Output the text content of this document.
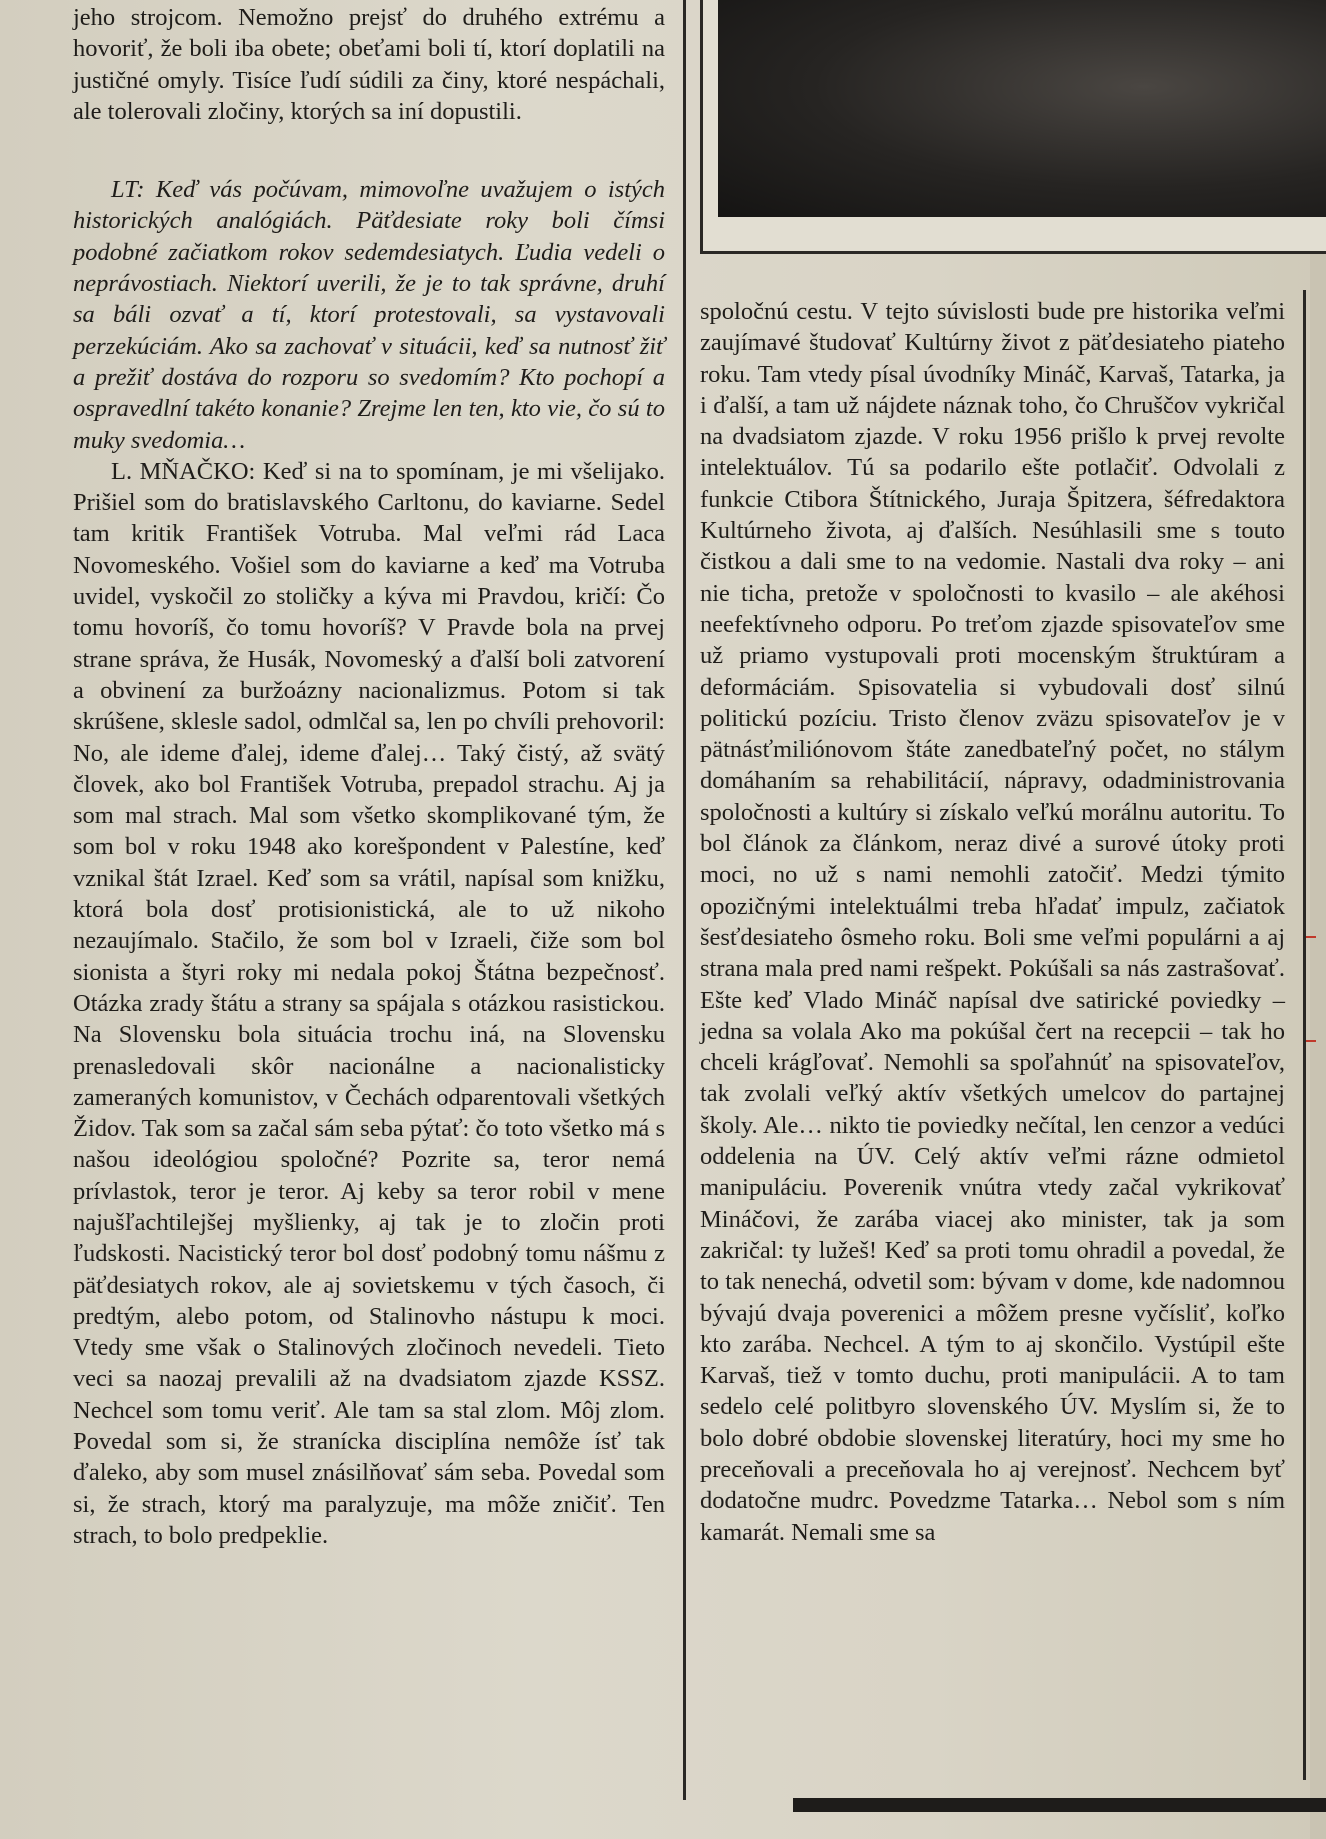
jeho strojcom. Nemožno prejsť do druhého extrému a hovoriť, že boli iba obete; obeťami boli tí, ktorí doplatili na justičné omyly. Tisíce ľudí súdili za činy, ktoré nespáchali, ale tolerovali zločiny, ktorých sa iní dopustili.

LT: Keď vás počúvam, mimovoľne uvažujem o istých historických analógiách. Päťdesiate roky boli čímsi podobné začiatkom rokov sedemdesiatych. Ľudia vedeli o neprávostiach. Niektorí uverili, že je to tak správne, druhí sa báli ozvať a tí, ktorí protestovali, sa vystavovali perzekúciám. Ako sa zachovať v situácii, keď sa nutnosť žiť a prežiť dostáva do rozporu so svedomím? Kto pochopí a ospravedlní takéto konanie? Zrejme len ten, kto vie, čo sú to muky svedomia…

L. MŇAČKO: Keď si na to spomínam, je mi všelijako. Prišiel som do bratislavského Carltonu, do kaviarne. Sedel tam kritik František Votruba. Mal veľmi rád Laca Novomeského. Vošiel som do kaviarne a keď ma Votruba uvidel, vyskočil zo stoličky a kýva mi Pravdou, kričí: Čo tomu hovoríš, čo tomu hovoríš? V Pravde bola na prvej strane správa, že Husák, Novomeský a ďalší boli zatvorení a obvinení za buržoázny nacionalizmus. Potom si tak skrúšene, sklesle sadol, odmlčal sa, len po chvíli prehovoril: No, ale ideme ďalej, ideme ďalej… Taký čistý, až svätý človek, ako bol František Votruba, prepadol strachu. Aj ja som mal strach. Mal som všetko skomplikované tým, že som bol v roku 1948 ako korešpondent v Palestíne, keď vznikal štát Izrael. Keď som sa vrátil, napísal som knižku, ktorá bola dosť protisionistická, ale to už nikoho nezaujímalo. Stačilo, že som bol v Izraeli, čiže som bol sionista a štyri roky mi nedala pokoj Štátna bezpečnosť. Otázka zrady štátu a strany sa spájala s otázkou rasistickou. Na Slovensku bola situácia trochu iná, na Slovensku prenasledovali skôr nacionálne a nacionalisticky zameraných komunistov, v Čechách odparentovali všetkých Židov. Tak som sa začal sám seba pýtať: čo toto všetko má s našou ideológiou spoločné? Pozrite sa, teror nemá prívlastok, teror je teror. Aj keby sa teror robil v mene najušľachtilejšej myšlienky, aj tak je to zločin proti ľudskosti. Nacistický teror bol dosť podobný tomu nášmu z päťdesiatych rokov, ale aj sovietskemu v tých časoch, či predtým, alebo potom, od Stalinovho nástupu k moci. Vtedy sme však o Stalinových zločinoch nevedeli. Tieto veci sa naozaj prevalili až na dvadsiatom zjazde KSSZ. Nechcel som tomu veriť. Ale tam sa stal zlom. Môj zlom. Povedal som si, že stranícka disciplína nemôže ísť tak ďaleko, aby som musel znásilňovať sám seba. Povedal som si, že strach, ktorý ma paralyzuje, ma môže zničiť. Ten strach, to bolo predpeklie.

spoločnú cestu. V tejto súvislosti bude pre historika veľmi zaujímavé študovať Kultúrny život z päťdesiateho piateho roku. Tam vtedy písal úvodníky Mináč, Karvaš, Tatarka, ja i ďalší, a tam už nájdete náznak toho, čo Chruščov vykričal na dvadsiatom zjazde. V roku 1956 prišlo k prvej revolte intelektuálov. Tú sa podarilo ešte potlačiť. Odvolali z funkcie Ctibora Štítnického, Juraja Špitzera, šéfredaktora Kultúrneho života, aj ďalších. Nesúhlasili sme s touto čistkou a dali sme to na vedomie. Nastali dva roky – ani nie ticha, pretože v spoločnosti to kvasilo – ale akéhosi neefektívneho odporu. Po treťom zjazde spisovateľov sme už priamo vystupovali proti mocenským štruktúram a deformáciám. Spisovatelia si vybudovali dosť silnú politickú pozíciu. Tristo členov zväzu spisovateľov je v pätnásťmiliónovom štáte zanedbateľný počet, no stálym domáhaním sa rehabilitácií, nápravy, odadministrovania spoločnosti a kultúry si získalo veľkú morálnu autoritu. To bol článok za článkom, neraz divé a surové útoky proti moci, no už s nami nemohli zatočiť. Medzi týmito opozičnými intelektuálmi treba hľadať impulz, začiatok šesťdesiateho ôsmeho roku. Boli sme veľmi populárni a aj strana mala pred nami rešpekt. Pokúšali sa nás zastrašovať. Ešte keď Vlado Mináč napísal dve satirické poviedky – jedna sa volala Ako ma pokúšal čert na recepcii – tak ho chceli krágľovať. Nemohli sa spoľahnúť na spisovateľov, tak zvolali veľký aktív všetkých umelcov do partajnej školy. Ale… nikto tie poviedky nečítal, len cenzor a vedúci oddelenia na ÚV. Celý aktív veľmi rázne odmietol manipuláciu. Poverenik vnútra vtedy začal vykrikovať Mináčovi, že zarába viacej ako minister, tak ja som zakričal: ty lužeš! Keď sa proti tomu ohradil a povedal, že to tak nenechá, odvetil som: bývam v dome, kde nadomnou bývajú dvaja poverenici a môžem presne vyčísliť, koľko kto zarába. Nechcel. A tým to aj skončilo. Vystúpil ešte Karvaš, tiež v tomto duchu, proti manipulácii. A to tam sedelo celé politbyro slovenského ÚV. Myslím si, že to bolo dobré obdobie slovenskej literatúry, hoci my sme ho preceňovali a preceňovala ho aj verejnosť. Nechcem byť dodatočne mudrc. Povedzme Tatarka… Nebol som s ním kamarát. Nemali sme sa
